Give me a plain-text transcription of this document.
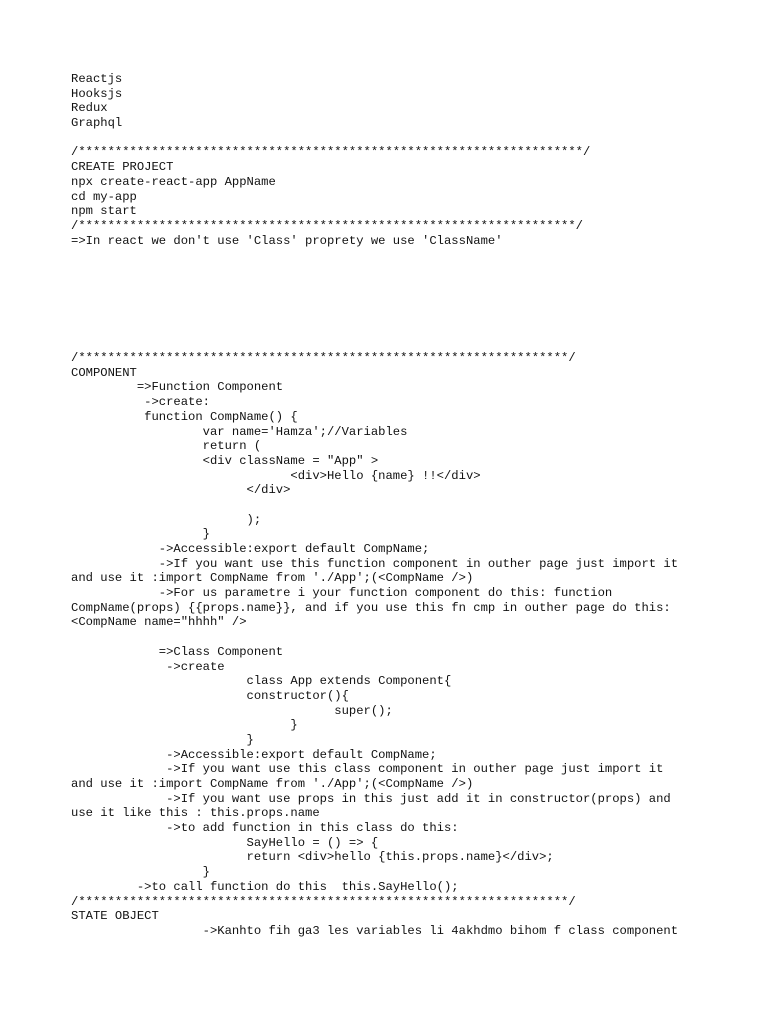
Reactjs
Hooksjs
Redux
Graphql
/*********************************************************************/
CREATE PROJECT
npx create-react-app AppName
cd my-app
npm start
/********************************************************************/
=>In react we don't use 'Class' proprety we use 'ClassName'
/*******************************************************************/
COMPONENT
=>Function Component
->create:
function CompName() {
var name='Hamza';//Variables
return (
<div className = "App" >
<div>Hello {name} !!</div>
</div>
);
}
->Accessible:export default CompName;
->If you want use this function component in outher page just import it
and use it :import CompName from './App';(<CompName />)
->For us parametre i your function component do this: function
CompName(props) {{props.name}}, and if you use this fn cmp in outher page do this:
<CompName name="hhhh" />
=>Class Component
->create
class App extends Component{
constructor(){
super();
}
}
->Accessible:export default CompName;
->If you want use this class component in outher page just import it
and use it :import CompName from './App';(<CompName />)
->If you want use props in this just add it in constructor(props) and
use it like this : this.props.name
->to add function in this class do this:
SayHello = () => {
return <div>hello {this.props.name}</div>;
}
->to call function do this  this.SayHello();
/*******************************************************************/
STATE OBJECT
->Kanhto fih ga3 les variables li 4akhdmo bihom f class component
